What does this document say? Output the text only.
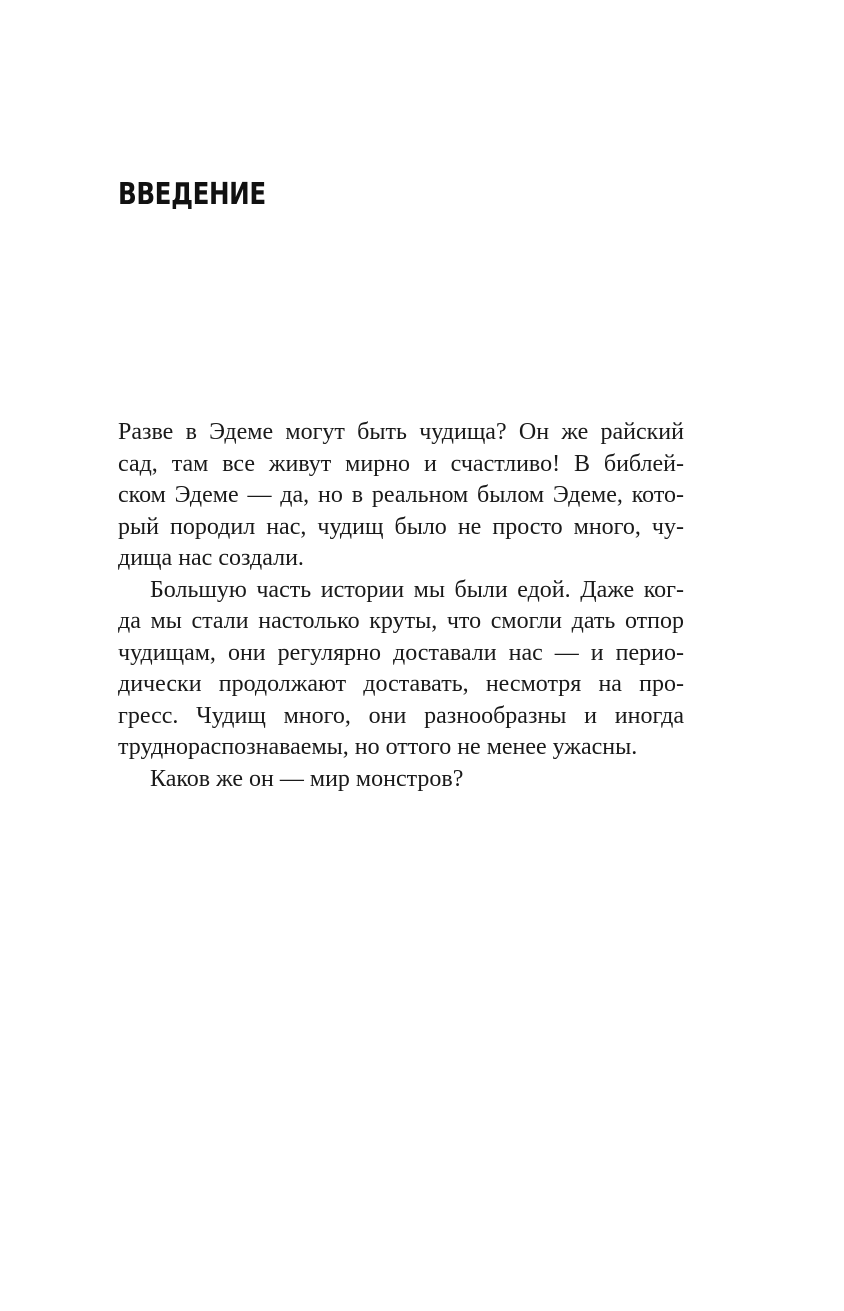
ВВЕДЕНИЕ
Разве в Эдеме могут быть чудища? Он же райский
сад, там все живут мирно и счастливо! В библей-
ском Эдеме — да, но в реальном былом Эдеме, кото-
рый породил нас, чудищ было не просто много, чу-
дища нас создали.
Большую часть истории мы были едой. Даже ког-
да мы стали настолько круты, что смогли дать отпор
чудищам, они регулярно доставали нас — и перио-
дически продолжают доставать, несмотря на про-
гресс. Чудищ много, они разнообразны и иногда
труднораспознаваемы, но оттого не менее ужасны.
Каков же он — мир монстров?
